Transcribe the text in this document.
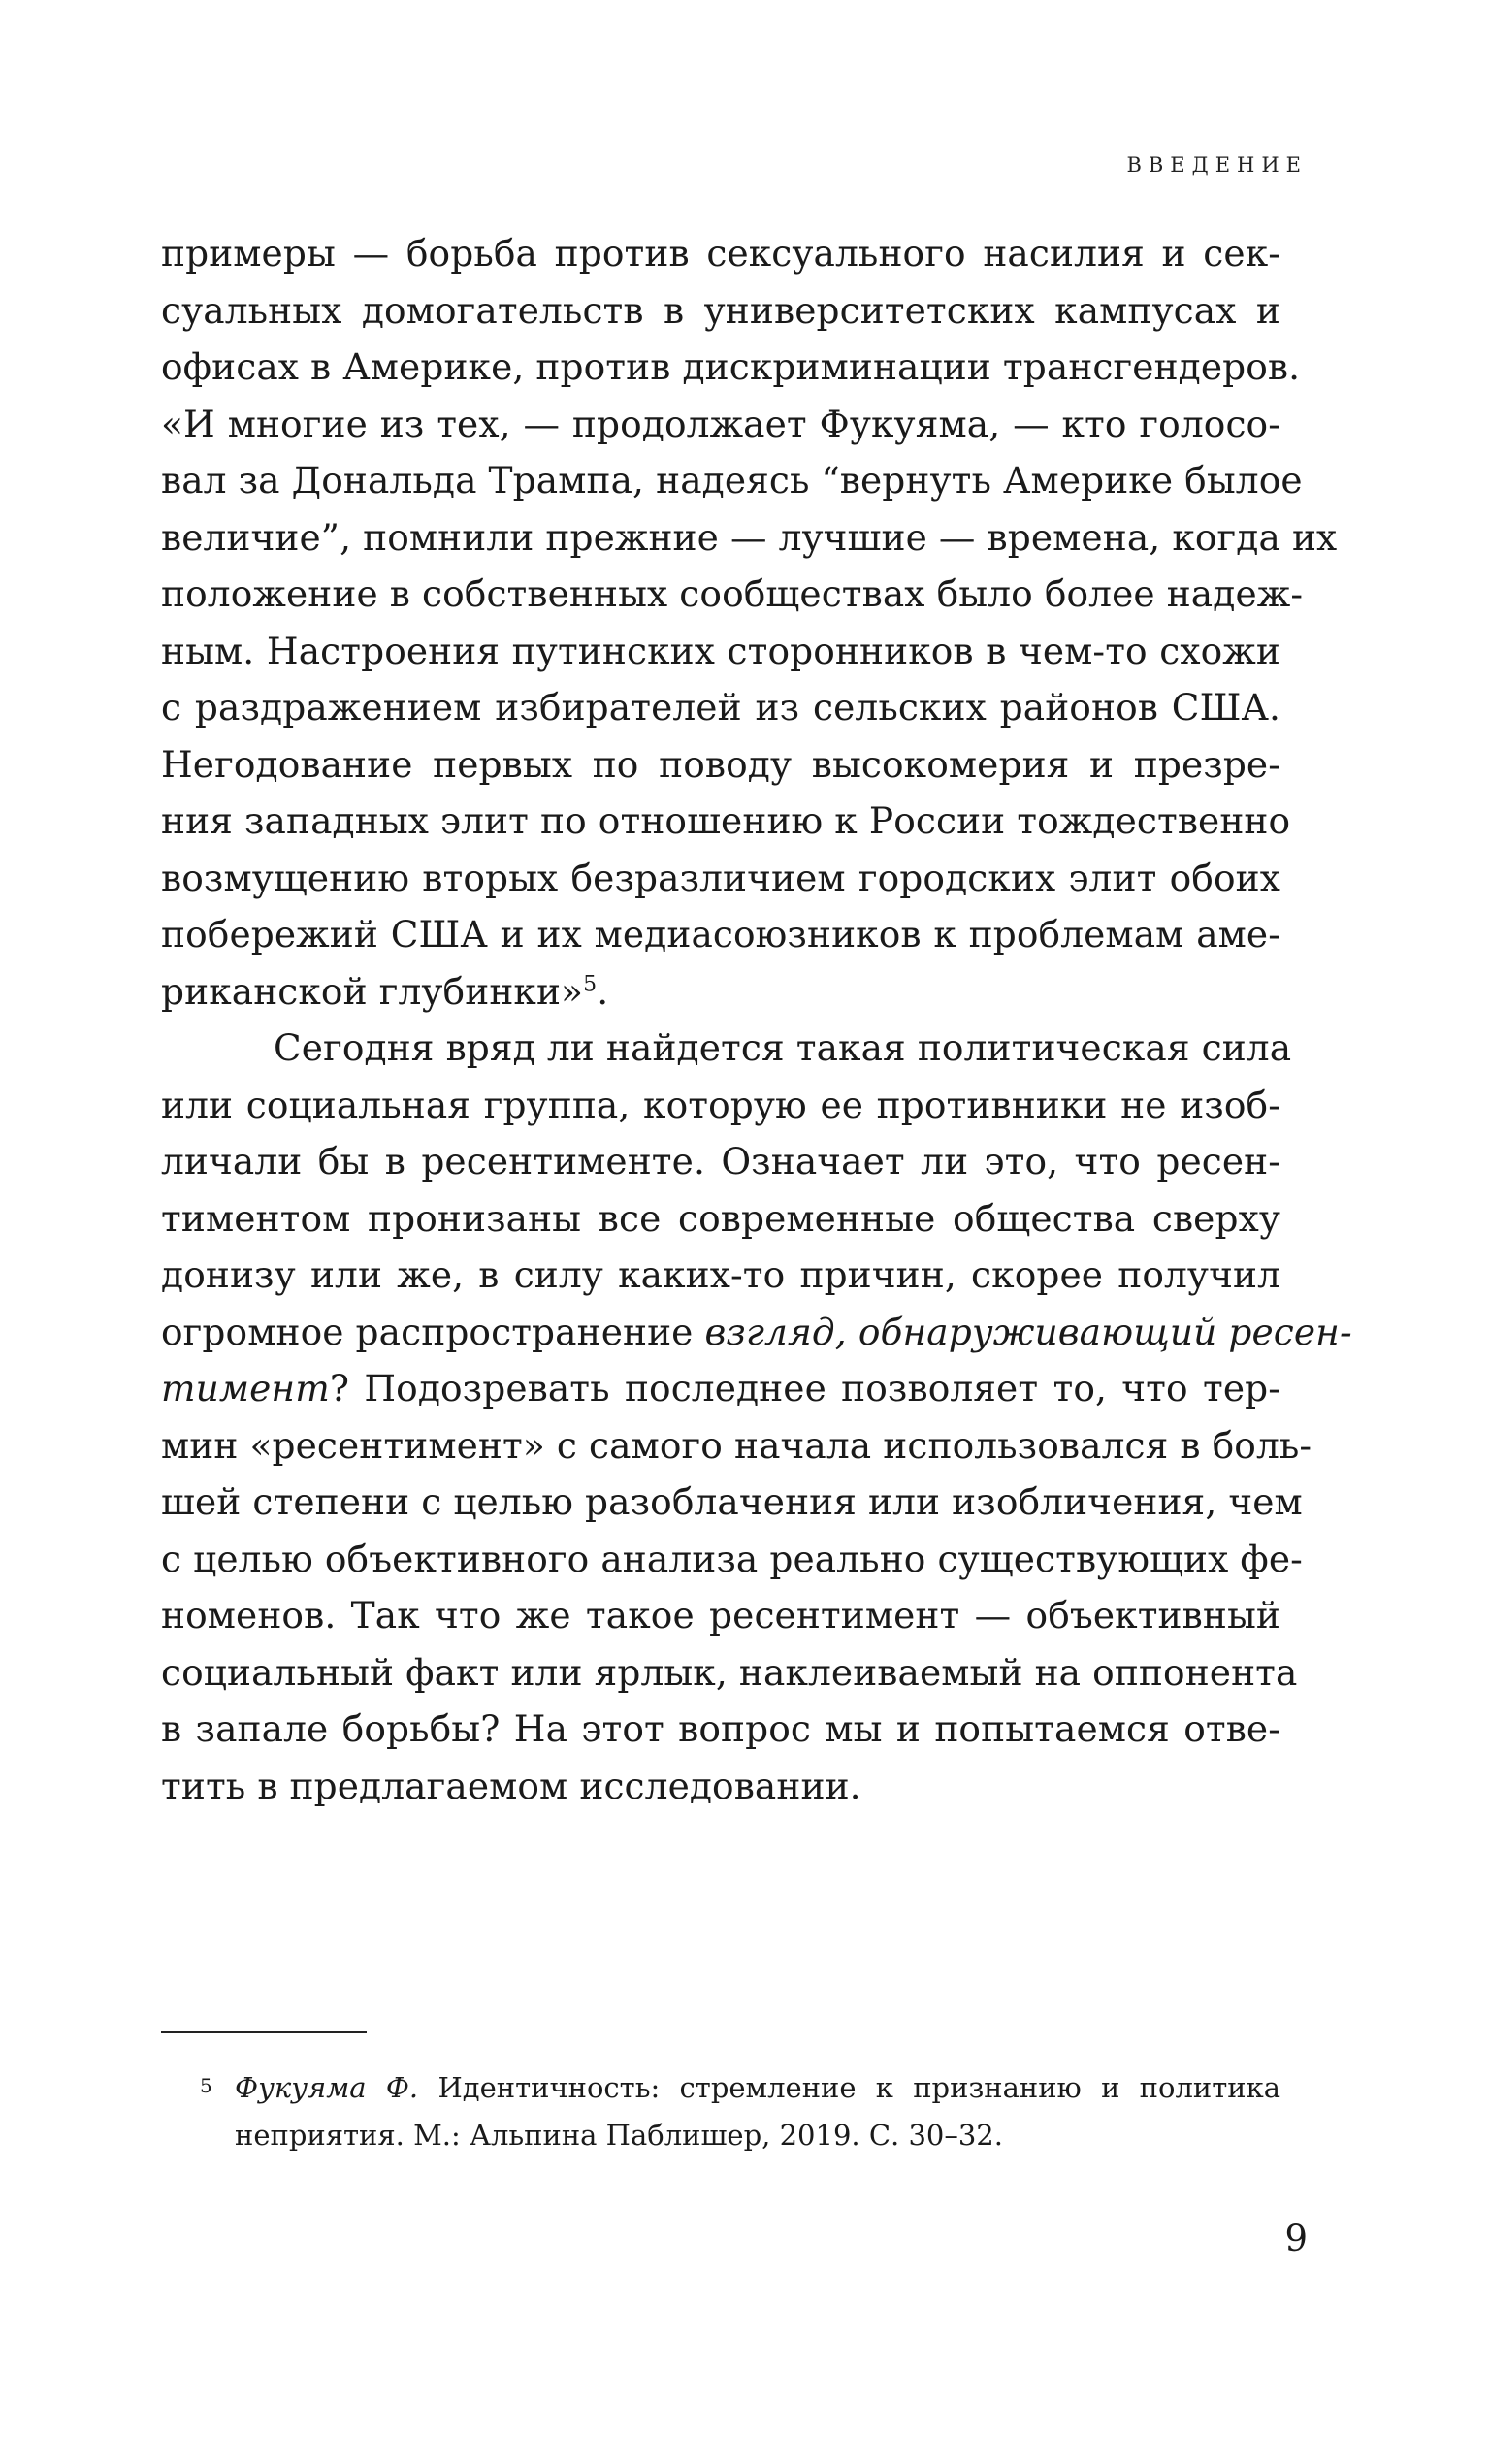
ВВЕДЕНИЕ
примеры — борьба против сексуального насилия и сек-
суальных домогательств в университетских кампусах и
офисах в Америке, против дискриминации трансгендеров.
«И многие из тех, — продолжает Фукуяма, — кто голосо-
вал за Дональда Трампа, надеясь “вернуть Америке былое
величие”, помнили прежние — лучшие — времена, когда их
положение в собственных сообществах было более надеж-
ным. Настроения путинских сторонников в чем-то схожи
с раздражением избирателей из сельских районов США.
Негодование первых по поводу высокомерия и презре-
ния западных элит по отношению к России тождественно
возмущению вторых безразличием городских элит обоих
побережий США и их медиасоюзников к проблемам аме-
риканской глубинки»$^5$.
Сегодня вряд ли найдется такая политическая сила
или социальная группа, которую ее противники не изоб-
личали бы в ресентименте. Означает ли это, что ресен-
тиментом пронизаны все современные общества сверху
донизу или же, в силу каких-то причин, скорее получил
огромное распространение взгляд, обнаруживающий ресен-
тимент? Подозревать последнее позволяет то, что тер-
мин «ресентимент» с самого начала использовался в боль-
шей степени с целью разоблачения или изобличения, чем
с целью объективного анализа реально существующих фе-
номенов. Так что же такое ресентимент — объективный
социальный факт или ярлык, наклеиваемый на оппонента
в запале борьбы? На этот вопрос мы и попытаемся отве-
тить в предлагаемом исследовании.
5 Фукуяма Ф. Идентичность: стремление к признанию и политика
неприятия. М.: Альпина Паблишер, 2019. С. 30–32.
9
